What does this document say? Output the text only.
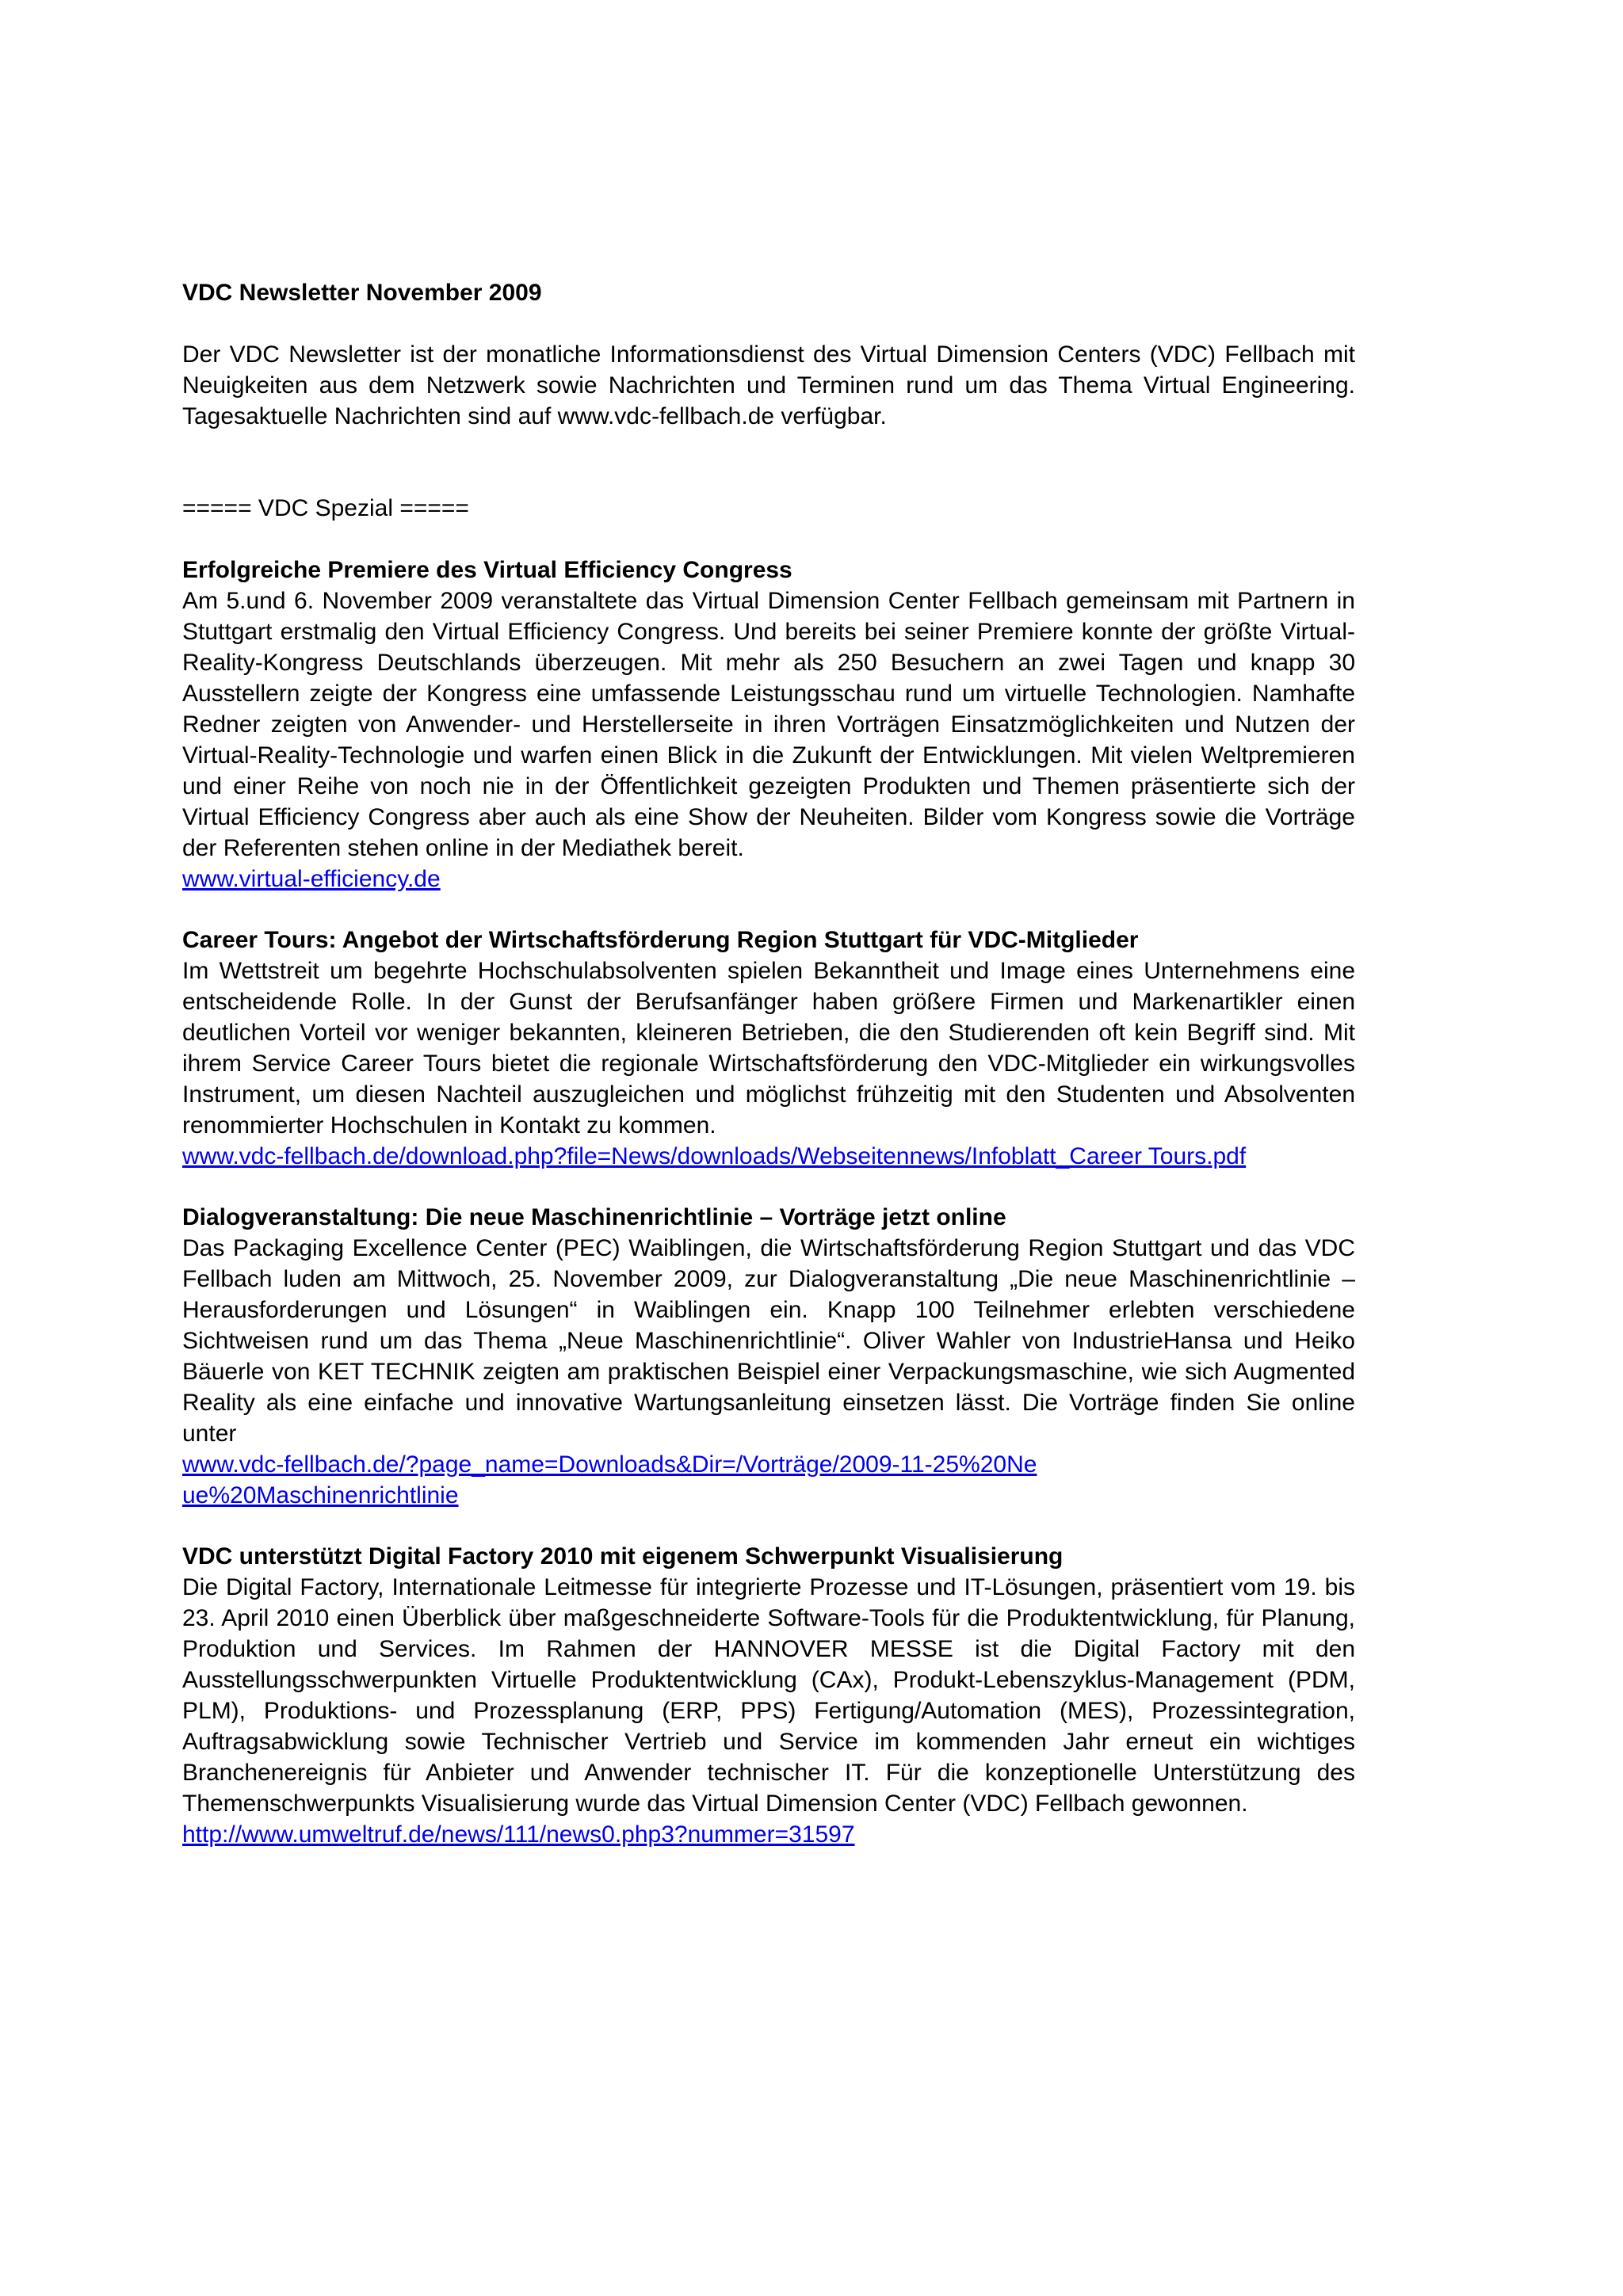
VDC Newsletter November 2009

Der VDC Newsletter ist der monatliche Informationsdienst des Virtual Dimension Centers (VDC) Fellbach mit Neuigkeiten aus dem Netzwerk sowie Nachrichten und Terminen rund um das Thema Virtual Engineering. Tagesaktuelle Nachrichten sind auf www.vdc-fellbach.de verfügbar.

===== VDC Spezial =====

Erfolgreiche Premiere des Virtual Efficiency Congress

Am 5.und 6. November 2009 veranstaltete das Virtual Dimension Center Fellbach gemeinsam mit Partnern in Stuttgart erstmalig den Virtual Efficiency Congress. Und bereits bei seiner Premiere konnte der größte Virtual-Reality-Kongress Deutschlands überzeugen. Mit mehr als 250 Besuchern an zwei Tagen und knapp 30 Ausstellern zeigte der Kongress eine umfassende Leistungsschau rund um virtuelle Technologien. Namhafte Redner zeigten von Anwender- und Herstellerseite in ihren Vorträgen Einsatzmöglichkeiten und Nutzen der Virtual-Reality-Technologie und warfen einen Blick in die Zukunft der Entwicklungen. Mit vielen Weltpremieren und einer Reihe von noch nie in der Öffentlichkeit gezeigten Produkten und Themen präsentierte sich der Virtual Efficiency Congress aber auch als eine Show der Neuheiten. Bilder vom Kongress sowie die Vorträge der Referenten stehen online in der Mediathek bereit.

www.virtual-efficiency.de

Career Tours: Angebot der Wirtschaftsförderung Region Stuttgart für VDC-Mitglieder

Im Wettstreit um begehrte Hochschulabsolventen spielen Bekanntheit und Image eines Unternehmens eine entscheidende Rolle. In der Gunst der Berufsanfänger haben größere Firmen und Markenartikler einen deutlichen Vorteil vor weniger bekannten, kleineren Betrieben, die den Studierenden oft kein Begriff sind. Mit ihrem Service Career Tours bietet die regionale Wirtschaftsförderung den VDC-Mitglieder ein wirkungsvolles Instrument, um diesen Nachteil auszugleichen und möglichst frühzeitig mit den Studenten und Absolventen renommierter Hochschulen in Kontakt zu kommen.

www.vdc-fellbach.de/download.php?file=News/downloads/Webseitennews/Infoblatt_Career Tours.pdf

Dialogveranstaltung: Die neue Maschinenrichtlinie – Vorträge jetzt online

Das Packaging Excellence Center (PEC) Waiblingen, die Wirtschaftsförderung Region Stuttgart und das VDC Fellbach luden am Mittwoch, 25. November 2009, zur Dialogveranstaltung „Die neue Maschinenrichtlinie – Herausforderungen und Lösungen“ in Waiblingen ein. Knapp 100 Teilnehmer erlebten verschiedene Sichtweisen rund um das Thema „Neue Maschinenrichtlinie“. Oliver Wahler von IndustrieHansa und Heiko Bäuerle von KET TECHNIK zeigten am praktischen Beispiel einer Verpackungsmaschine, wie sich Augmented Reality als eine einfache und innovative Wartungsanleitung einsetzen lässt. Die Vorträge finden Sie online unter

www.vdc-fellbach.de/?page_name=Downloads&Dir=/Vorträge/2009-11-25%20Neue%20Maschinenrichtlinie

VDC unterstützt Digital Factory 2010 mit eigenem Schwerpunkt Visualisierung

Die Digital Factory, Internationale Leitmesse für integrierte Prozesse und IT-Lösungen, präsentiert vom 19. bis 23. April 2010 einen Überblick über maßgeschneiderte Software-Tools für die Produktentwicklung, für Planung, Produktion und Services. Im Rahmen der HANNOVER MESSE ist die Digital Factory mit den Ausstellungsschwerpunkten Virtuelle Produktentwicklung (CAx), Produkt-Lebenszyklus-Management (PDM, PLM), Produktions- und Prozessplanung (ERP, PPS) Fertigung/Automation (MES), Prozessintegration, Auftragsabwicklung sowie Technischer Vertrieb und Service im kommenden Jahr erneut ein wichtiges Branchenereignis für Anbieter und Anwender technischer IT. Für die konzeptionelle Unterstützung des Themenschwerpunkts Visualisierung wurde das Virtual Dimension Center (VDC) Fellbach gewonnen.

http://www.umweltruf.de/news/111/news0.php3?nummer=31597
